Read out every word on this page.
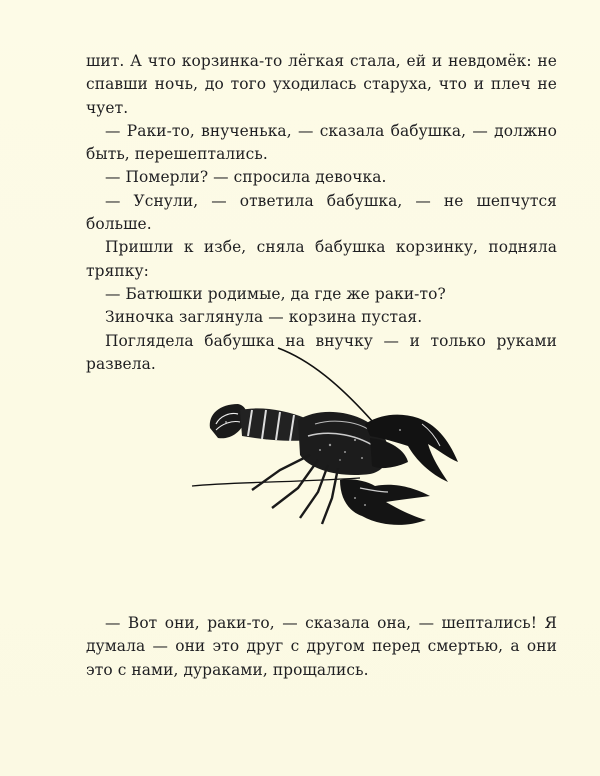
шит. А что корзинка-то лёгкая стала, ей и невдомёк: не спавши ночь, до того уходилась старуха, что и плеч не чует.

— Раки-то, внученька, — сказала бабушка, — должно быть, перешептались.

— Померли? — спросила девочка.

— Уснули, — ответила бабушка, — не шепчутся больше.

Пришли к избе, сняла бабушка корзинку, подняла тряпку:

— Батюшки родимые, да где же раки-то?

Зиночка заглянула — корзина пустая.

Поглядела бабушка на внучку — и только руками развела.

— Вот они, раки-то, — сказала она, — шептались! Я думала — они это друг с другом перед смертью, а они это с нами, дураками, прощались.
